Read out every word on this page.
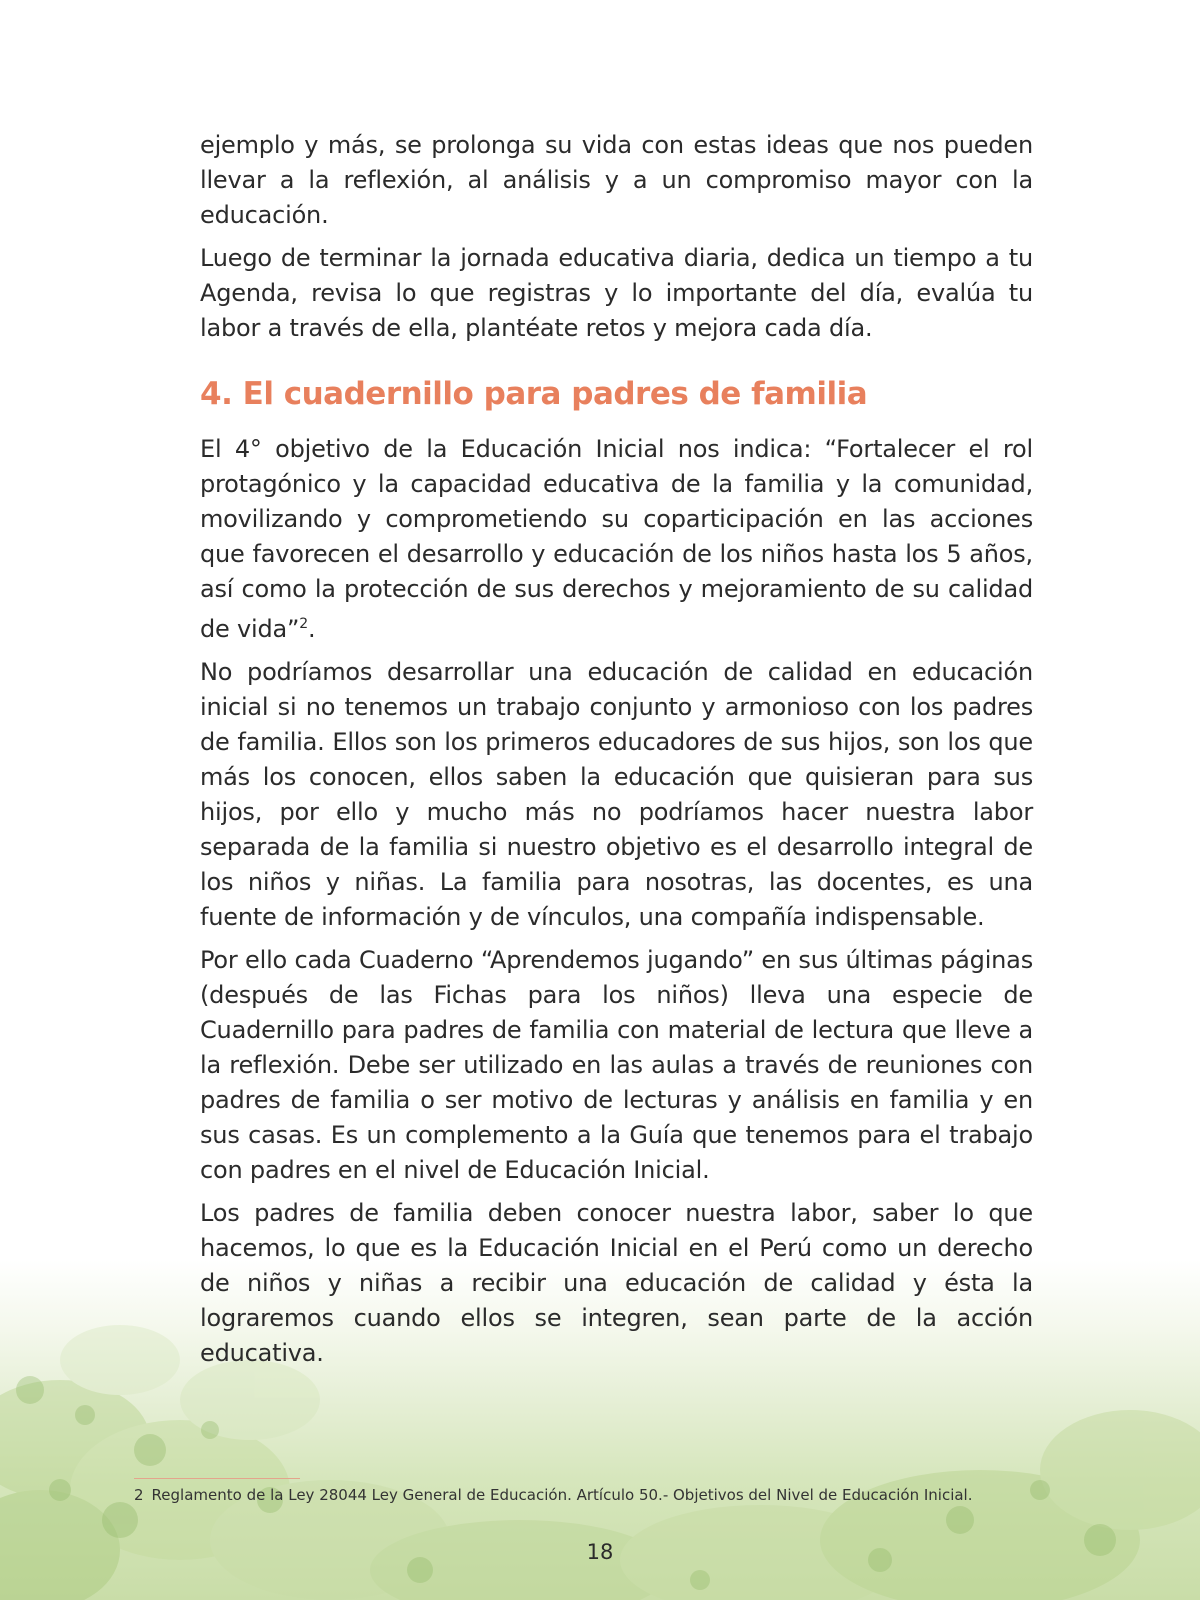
ejemplo y más, se prolonga su vida con estas ideas que nos pueden llevar a la reflexión, al análisis y a un compromiso mayor con la educación.

Luego de terminar la jornada educativa diaria, dedica un tiempo a tu Agenda, revisa lo que registras y lo importante del día, evalúa tu labor a través de ella, plantéate retos y mejora cada día.

4. El cuadernillo para padres de familia

El 4° objetivo de la Educación Inicial nos indica: “Fortalecer el rol protagónico y la capacidad educativa de la familia y la comunidad, movilizando y comprometiendo su coparticipación en las acciones que favorecen el desarrollo y educación de los niños hasta los 5 años, así como la protección de sus derechos y mejoramiento de su calidad de vida”$^2$.

No podríamos desarrollar una educación de calidad en educación inicial si no tenemos un trabajo conjunto y armonioso con los padres de familia. Ellos son los primeros educadores de sus hijos, son los que más los conocen, ellos saben la educación que quisieran para sus hijos, por ello y mucho más no podríamos hacer nuestra labor separada de la familia si nuestro objetivo es el desarrollo integral de los niños y niñas. La familia para nosotras, las docentes, es una fuente de información y de vínculos, una compañía indispensable.

Por ello cada Cuaderno “Aprendemos jugando” en sus últimas páginas (después de las Fichas para los niños) lleva una especie de Cuadernillo para padres de familia con material de lectura que lleve a la reflexión. Debe ser utilizado en las aulas a través de reuniones con padres de familia o ser motivo de lecturas y análisis en familia y en sus casas. Es un complemento a la Guía que tenemos para el trabajo con padres en el nivel de Educación Inicial.

Los padres de familia deben conocer nuestra labor, saber lo que hacemos, lo que es la Educación Inicial en el Perú como un derecho de niños y niñas a recibir una educación de calidad y ésta la lograremos cuando ellos se integren, sean parte de la acción educativa.

2 Reglamento de la Ley 28044 Ley General de Educación. Artículo 50.- Objetivos del Nivel de Educación Inicial.
18
